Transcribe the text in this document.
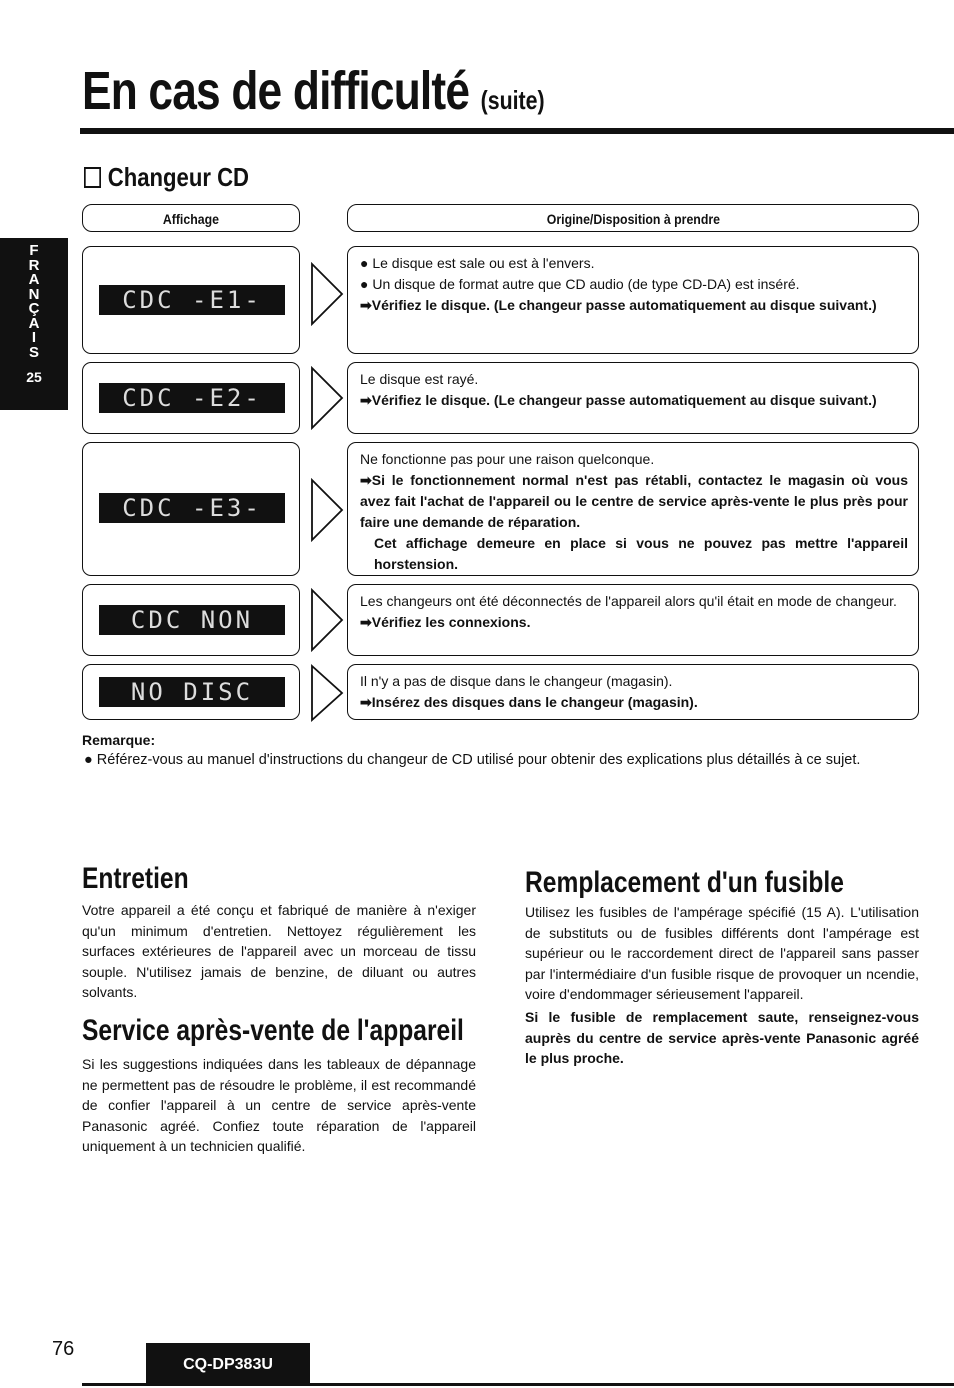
En cas de difficulté (suite)
F
R
A
N
Ç
A
I
S
25
Changeur CD
Affichage	Origine/Disposition à prendre
CDC -E1-

● Le disque est sale ou est à l'envers.

● Un disque de format autre que CD audio (de type CD-DA) est inséré.

➡Vérifiez le disque. (Le changeur passe automatiquement au disque suivant.)

CDC -E2-

Le disque est rayé.

➡Vérifiez le disque. (Le changeur passe automatiquement au disque suivant.)

CDC -E3-

Ne fonctionne pas pour une raison quelconque.

➡Si le fonctionnement normal n'est pas rétabli, contactez le magasin où vous avez fait l'achat de l'appareil ou le centre de service après-vente le plus près pour faire une demande de réparation.

Cet affichage demeure en place si vous ne pouvez pas mettre l'appareil horstension.

CDC NON

Les changeurs ont été déconnectés de l'appareil alors qu'il était en mode de changeur.

➡Vérifiez les connexions.

NO DISC	Il n'y a pas de disque dans le changeur (magasin).

➡Insérez des disques dans le changeur (magasin).

Remarque:
● Référez-vous au manuel d'instructions du changeur de CD utilisé pour obtenir des explications plus détaillés à ce sujet.
Entretien
Votre appareil a été conçu et fabriqué de manière à n'exiger qu'un minimum d'entretien. Nettoyez régulièrement les surfaces extérieures de l'appareil avec un morceau de tissu souple. N'utilisez jamais de benzine, de diluant ou autres solvants.
Service après-vente de l'appareil
Si les suggestions indiquées dans les tableaux de dépannage ne permettent pas de résoudre le problème, il est recommandé de confier l'appareil à un centre de service après-vente Panasonic agréé. Confiez toute réparation de l'appareil uniquement à un technicien qualifié.
Remplacement d'un fusible
Utilisez les fusibles de l'ampérage spécifié (15 A). L'utilisation de substituts ou de fusibles différents dont l'ampérage est supérieur ou le raccordement direct de l'appareil sans passer par l'intermédiaire d'un fusible risque de provoquer un ncendie, voire d'endommager sérieusement l'appareil.
Si le fusible de remplacement saute, renseignez-vous auprès du centre de service après-vente Panasonic agréé le plus proche.
76
CQ-DP383U
